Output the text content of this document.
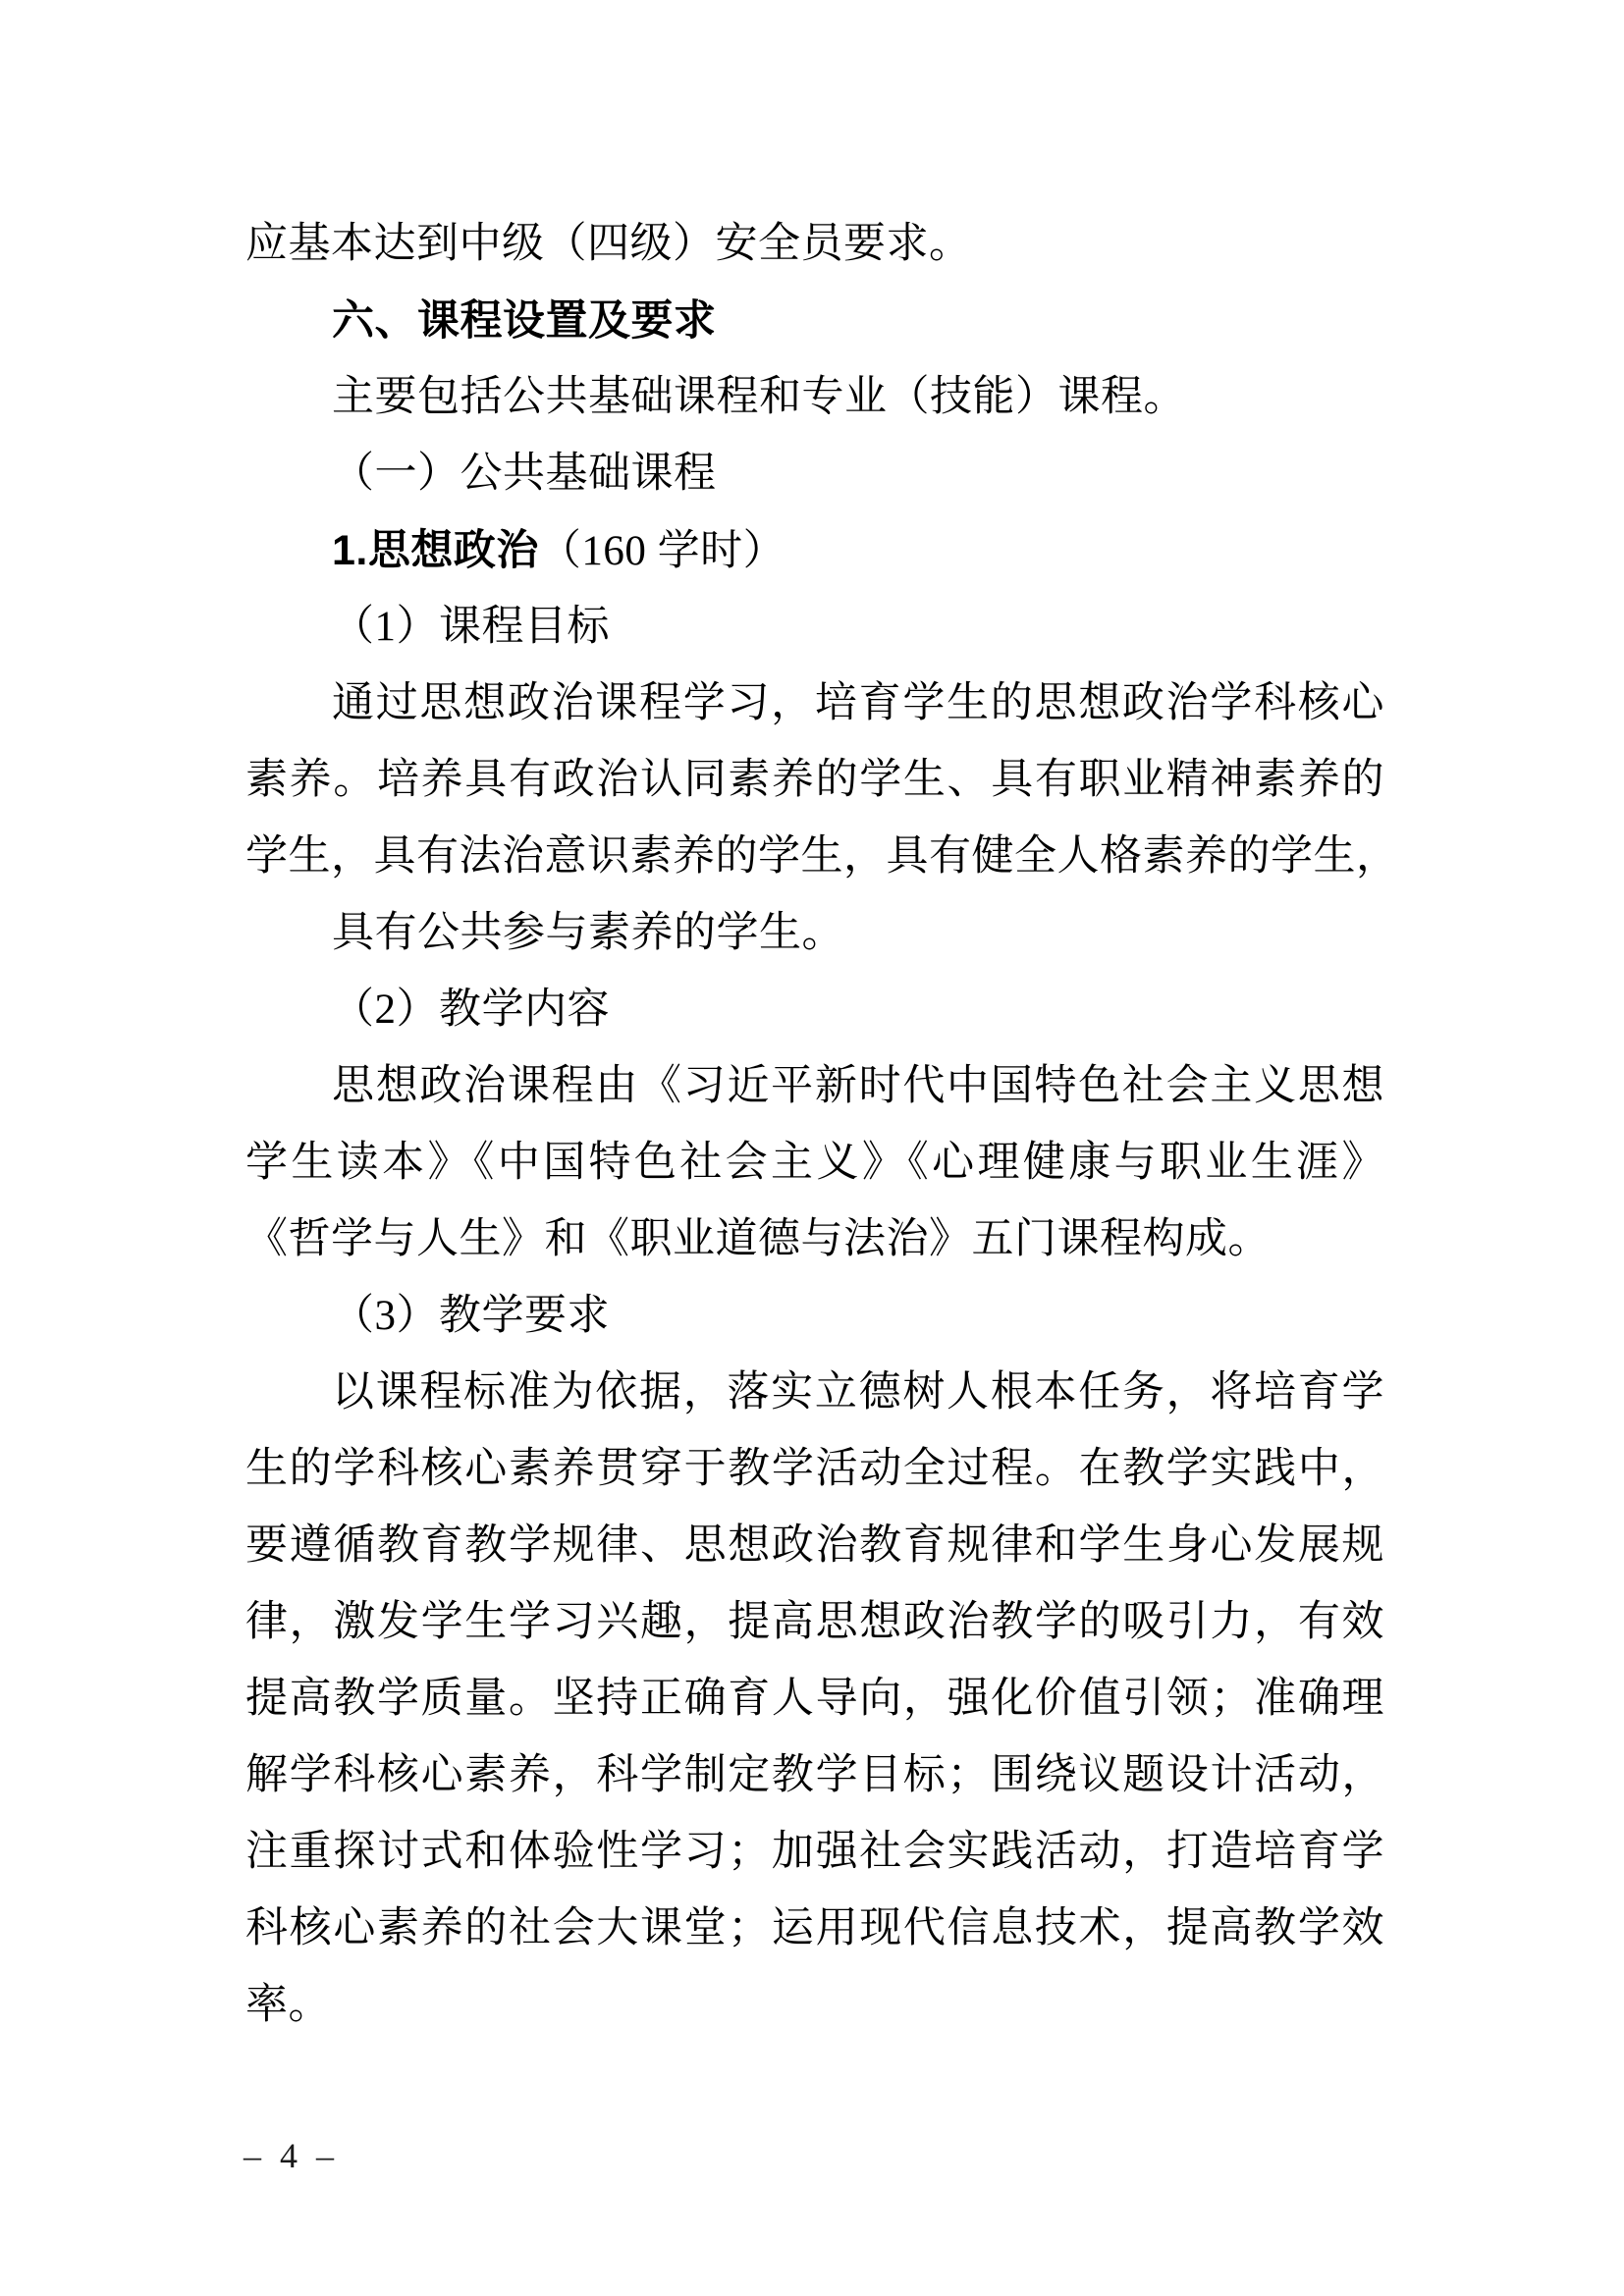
应基本达到中级（四级）安全员要求。
六、课程设置及要求
主要包括公共基础课程和专业（技能）课程。
（一）公共基础课程
1.思想政治（160 学时）
（1）课程目标
通过思想政治课程学习，培育学生的思想政治学科核心
素养。培养具有政治认同素养的学生、具有职业精神素养的
学生，具有法治意识素养的学生，具有健全人格素养的学生，
具有公共参与素养的学生。
（2）教学内容
思想政治课程由《习近平新时代中国特色社会主义思想
学生读本》《中国特色社会主义》《心理健康与职业生涯》
《哲学与人生》和《职业道德与法治》五门课程构成。
（3）教学要求
以课程标准为依据，落实立德树人根本任务，将培育学
生的学科核心素养贯穿于教学活动全过程。在教学实践中，
要遵循教育教学规律、思想政治教育规律和学生身心发展规
律，激发学生学习兴趣，提高思想政治教学的吸引力，有效
提高教学质量。坚持正确育人导向，强化价值引领；准确理
解学科核心素养，科学制定教学目标；围绕议题设计活动，
注重探讨式和体验性学习；加强社会实践活动，打造培育学
科核心素养的社会大课堂；运用现代信息技术，提高教学效
率。
– 4 –
